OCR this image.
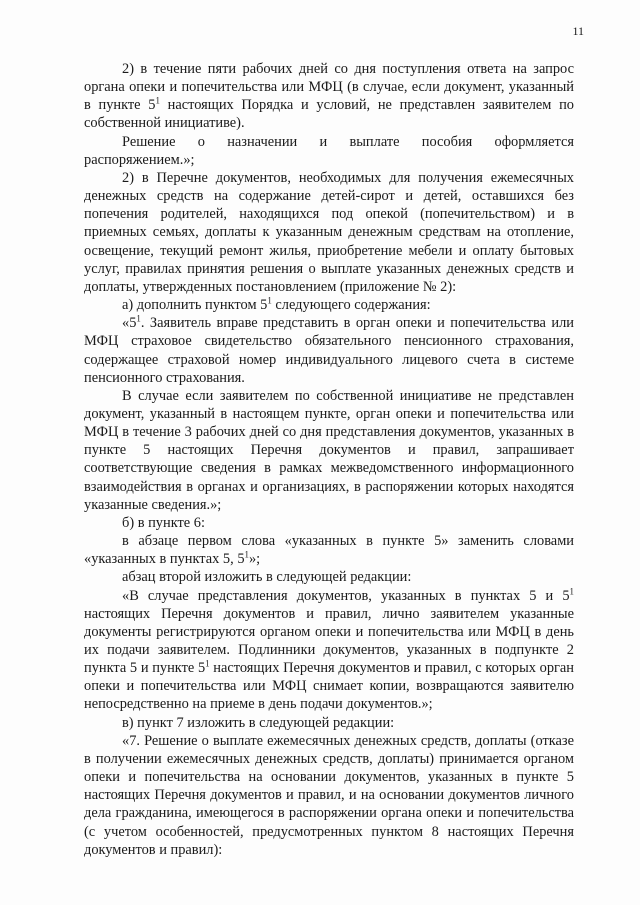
11

2) в течение пяти рабочих дней со дня поступления ответа на запрос органа опеки и попечительства или МФЦ (в случае, если документ, указанный в пункте $5^1$ настоящих Порядка и условий, не представлен заявителем по собственной инициативе).

Решение о назначении и выплате пособия оформляется распоряжением.»;

2) в Перечне документов, необходимых для получения ежемесячных денежных средств на содержание детей-сирот и детей, оставшихся без попечения родителей, находящихся под опекой (попечительством) и в приемных семьях, доплаты к указанным денежным средствам на отопление, освещение, текущий ремонт жилья, приобретение мебели и оплату бытовых услуг, правилах принятия решения о выплате указанных денежных средств и доплаты, утвержденных постановлением (приложение № 2):

а) дополнить пунктом $5^1$ следующего содержания:

«$5^1$. Заявитель вправе представить в орган опеки и попечительства или МФЦ страховое свидетельство обязательного пенсионного страхования, содержащее страховой номер индивидуального лицевого счета в системе пенсионного страхования.

В случае если заявителем по собственной инициативе не представлен документ, указанный в настоящем пункте, орган опеки и попечительства или МФЦ в течение 3 рабочих дней со дня представления документов, указанных в пункте 5 настоящих Перечня документов и правил, запрашивает соответствующие сведения в рамках межведомственного информационного взаимодействия в органах и организациях, в распоряжении которых находятся указанные сведения.»;

б) в пункте 6:

в абзаце первом слова «указанных в пункте 5» заменить словами «указанных в пунктах 5, $5^1$»;

абзац второй изложить в следующей редакции:

«В случае представления документов, указанных в пунктах 5 и $5^1$ настоящих Перечня документов и правил, лично заявителем указанные документы регистрируются органом опеки и попечительства или МФЦ в день их подачи заявителем. Подлинники документов, указанных в подпункте 2 пункта 5 и пункте $5^1$ настоящих Перечня документов и правил, с которых орган опеки и попечительства или МФЦ снимает копии, возвращаются заявителю непосредственно на приеме в день подачи документов.»;

в) пункт 7 изложить в следующей редакции:

«7. Решение о выплате ежемесячных денежных средств, доплаты (отказе в получении ежемесячных денежных средств, доплаты) принимается органом опеки и попечительства на основании документов, указанных в пункте 5 настоящих Перечня документов и правил, и на основании документов личного дела гражданина, имеющегося в распоряжении органа опеки и попечительства (с учетом особенностей, предусмотренных пунктом 8 настоящих Перечня документов и правил):
